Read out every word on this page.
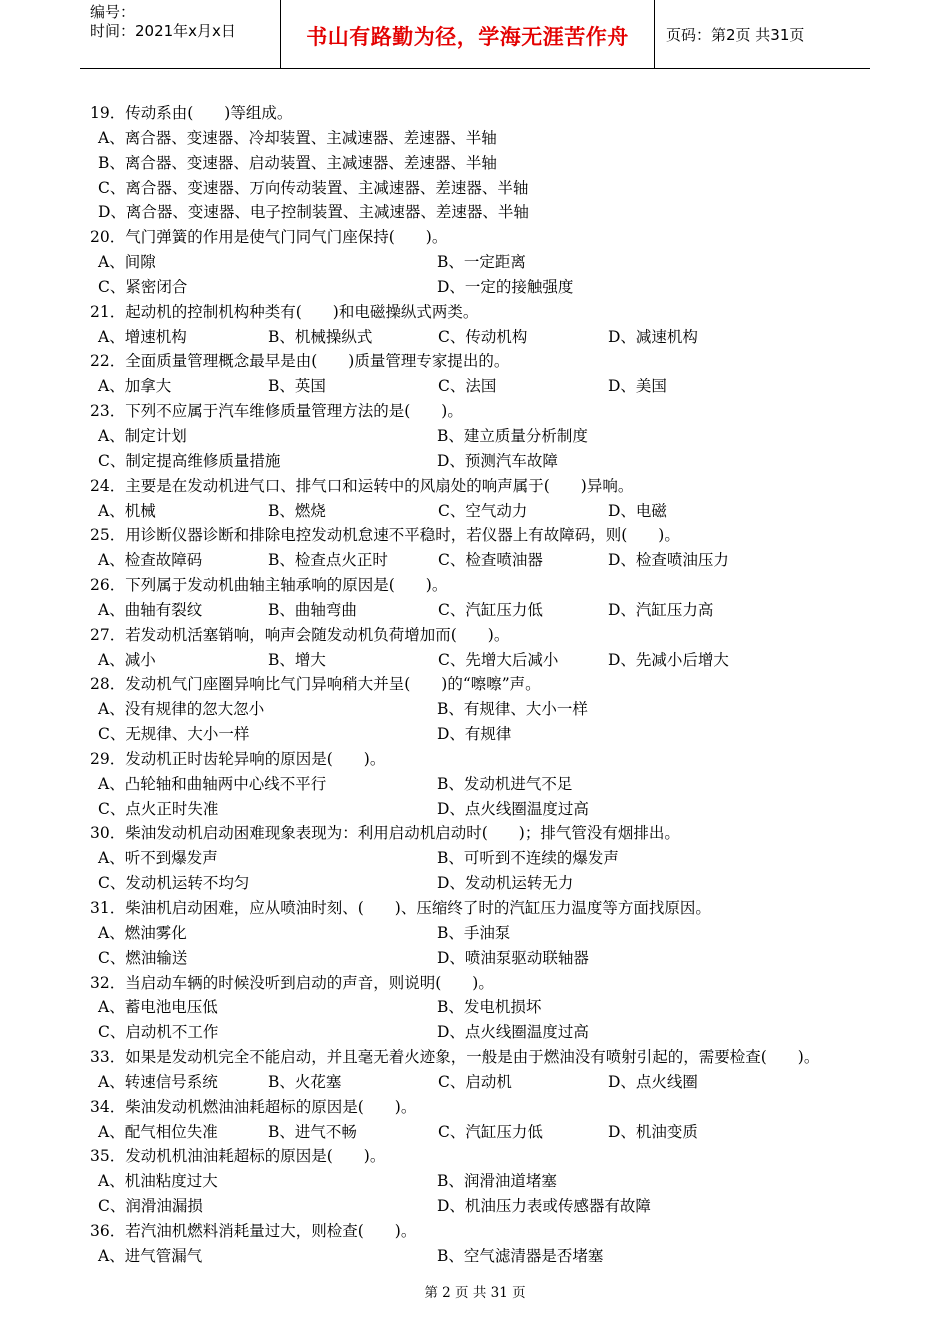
编号：
时间：2021年x月x日	书山有路勤为径，学海无涯苦作舟	页码：第2页 共31页
19．传动系由(　　)等组成。
A、离合器、变速器、冷却装置、主减速器、差速器、半轴
B、离合器、变速器、启动装置、主减速器、差速器、半轴
C、离合器、变速器、万向传动装置、主减速器、差速器、半轴
D、离合器、变速器、电子控制装置、主减速器、差速器、半轴
20．气门弹簧的作用是使气门同气门座保持(　　)。
A、间隙	B、一定距离
C、紧密闭合	D、一定的接触强度
21．起动机的控制机构种类有(　　)和电磁操纵式两类。
A、增速机构	B、机械操纵式	C、传动机构	D、减速机构
22．全面质量管理概念最早是由(　　)质量管理专家提出的。
A、加拿大	B、英国	C、法国	D、美国
23．下列不应属于汽车维修质量管理方法的是(　　)。
A、制定计划	B、建立质量分析制度
C、制定提高维修质量措施	D、预测汽车故障
24．主要是在发动机进气口、排气口和运转中的风扇处的响声属于(　　)异响。
A、机械	B、燃烧	C、空气动力	D、电磁
25．用诊断仪器诊断和排除电控发动机怠速不平稳时，若仪器上有故障码，则(　　)。
A、检查故障码	B、检查点火正时	C、检查喷油器	D、检查喷油压力
26．下列属于发动机曲轴主轴承响的原因是(　　)。
A、曲轴有裂纹	B、曲轴弯曲	C、汽缸压力低	D、汽缸压力高
27．若发动机活塞销响，响声会随发动机负荷增加而(　　)。
A、减小	B、增大	C、先增大后减小	D、先减小后增大
28．发动机气门座圈异响比气门异响稍大并呈(　　)的“嚓嚓”声。
A、没有规律的忽大忽小	B、有规律、大小一样
C、无规律、大小一样	D、有规律
29．发动机正时齿轮异响的原因是(　　)。
A、凸轮轴和曲轴两中心线不平行	B、发动机进气不足
C、点火正时失准	D、点火线圈温度过高
30．柴油发动机启动困难现象表现为：利用启动机启动时(　　)；排气管没有烟排出。
A、听不到爆发声	B、可听到不连续的爆发声
C、发动机运转不均匀	D、发动机运转无力
31．柴油机启动困难，应从喷油时刻、(　　)、压缩终了时的汽缸压力温度等方面找原因。
A、燃油雾化	B、手油泵
C、燃油输送	D、喷油泵驱动联轴器
32．当启动车辆的时候没听到启动的声音，则说明(　　)。
A、蓄电池电压低	B、发电机损坏
C、启动机不工作	D、点火线圈温度过高
33．如果是发动机完全不能启动，并且毫无着火迹象，一般是由于燃油没有喷射引起的，需要检查(　　)。
A、转速信号系统	B、火花塞	C、启动机	D、点火线圈
34．柴油发动机燃油油耗超标的原因是(　　)。
A、配气相位失准	B、进气不畅	C、汽缸压力低	D、机油变质
35．发动机机油油耗超标的原因是(　　)。
A、机油粘度过大	B、润滑油道堵塞
C、润滑油漏损	D、机油压力表或传感器有故障
36．若汽油机燃料消耗量过大，则检查(　　)。
A、进气管漏气	B、空气滤清器是否堵塞
第 2 页 共 31 页
